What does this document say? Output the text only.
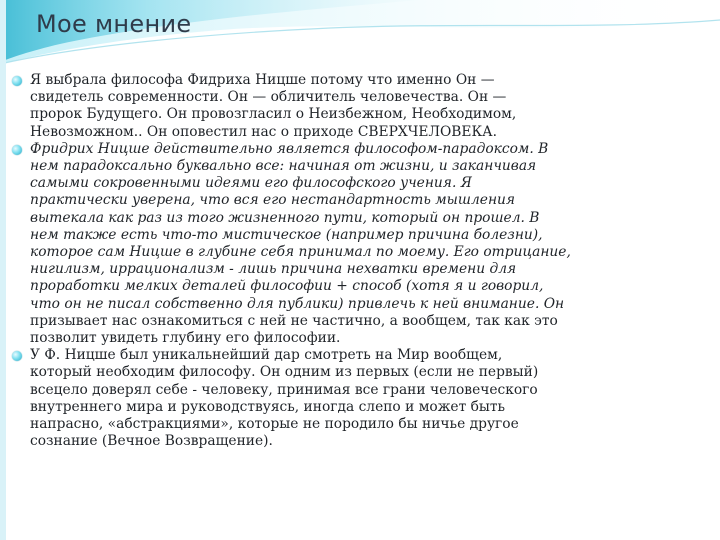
Мое мнение
Я выбрала философа Фидриха Ницше потому что именно Он —
свидетель современности. Он — обличитель человечества. Он —
пророк Будущего. Он провозгласил о Неизбежном, Необходимом,
Невозможном.. Он оповестил нас о приходе СВЕРХЧЕЛОВЕКА.
Фридрих Ницше действительно является философом-парадоксом. В
нем парадоксально буквально все: начиная от жизни, и заканчивая
самыми сокровенными идеями его философского учения. Я
практически уверена, что вся его нестандартность мышления
вытекала как раз из того жизненного пути, который он прошел. В
нем также есть что-то мистическое (например причина болезни),
которое сам Ницше в глубине себя принимал по моему. Его отрицание,
нигилизм, иррационализм - лишь причина нехватки времени для
проработки мелких деталей философии + способ (хотя я и говорил,
что он не писал собственно для публики) привлечь к ней внимание. Он
призывает нас ознакомиться с ней не частично, а вообщем, так как это
позволит увидеть глубину его философии.
У Ф. Ницше был уникальнейший дар смотреть на Мир вообщем,
который необходим философу. Он одним из первых (если не первый)
всецело доверял себе - человеку, принимая все грани человеческого
внутреннего мира и руководствуясь, иногда слепо и может быть
напрасно, «абстракциями», которые не породило бы ничье другое
сознание (Вечное Возвращение).
